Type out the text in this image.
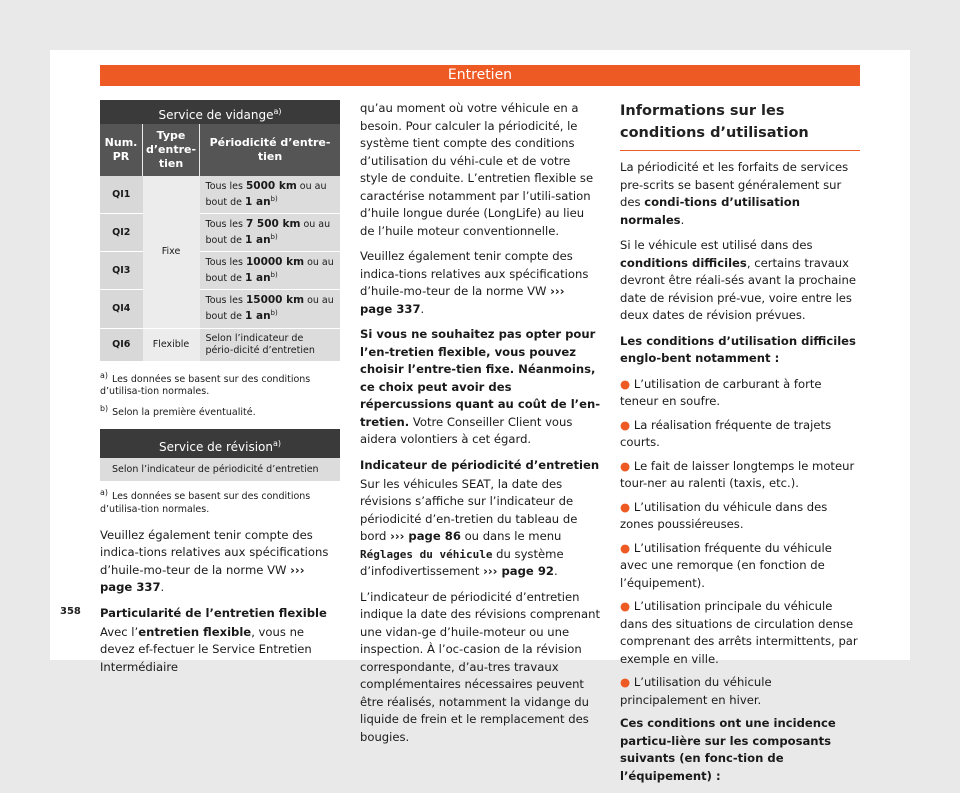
Entretien
Service de vidange$^{a)}$
Num. PR	Type d’entre-tien	Périodicité d’entre-tien
QI1	Fixe	Tous les 5000 km ou au bout de 1 $an^{b)}$
QI2		Tous les 7 500 km ou au bout de 1 $an^{b)}$
QI3		Tous les 10000 km ou au bout de 1 $an^{b)}$
QI4		Tous les 15000 km ou au bout de 1 $an^{b)}$
QI6	Flexible	Selon l’indicateur de pério-dicité d’entretien

$^{a)}$ Les données se basent sur des conditions d’utilisa-tion normales.

$^{b)}$ Selon la première éventualité.

Service de révision$^{a)}$
Selon l’indicateur de périodicité d’entretien

$^{a)}$ Les données se basent sur des conditions d’utilisa-tion normales.

Veuillez également tenir compte des indica-tions relatives aux spécifications d’huile-mo-teur de la norme VW ››› page 337.

Particularité de l’entretien flexible

Avec l’entretien flexible, vous ne devez ef-fectuer le Service Entretien Intermédiaire

qu’au moment où votre véhicule en a besoin. Pour calculer la périodicité, le système tient compte des conditions d’utilisation du véhi-cule et de votre style de conduite. L’entretien flexible se caractérise notamment par l’utili-sation d’huile longue durée (LongLife) au lieu de l’huile moteur conventionnelle.

Veuillez également tenir compte des indica-tions relatives aux spécifications d’huile-mo-teur de la norme VW ››› page 337.

Si vous ne souhaitez pas opter pour l’en-tretien flexible, vous pouvez choisir l’entre-tien fixe. Néanmoins, ce choix peut avoir des répercussions quant au coût de l’en-tretien. Votre Conseiller Client vous aidera volontiers à cet égard.

Indicateur de périodicité d’entretien

Sur les véhicules SEAT, la date des révisions s’affiche sur l’indicateur de périodicité d’en-tretien du tableau de bord ››› page 86 ou dans le menu Réglages du véhicule du système d’infodivertissement ››› page 92.

L’indicateur de périodicité d’entretien indique la date des révisions comprenant une vidan-ge d’huile-moteur ou une inspection. À l’oc-casion de la révision correspondante, d’au-tres travaux complémentaires nécessaires peuvent être réalisés, notamment la vidange du liquide de frein et le remplacement des bougies.

Informations sur les conditions d’utilisation

La périodicité et les forfaits de services pre-scrits se basent généralement sur des condi-tions d’utilisation normales.

Si le véhicule est utilisé dans des conditions difficiles, certains travaux devront être réali-sés avant la prochaine date de révision pré-vue, voire entre les deux dates de révision prévues.

Les conditions d’utilisation difficiles englo-bent notamment :

● L’utilisation de carburant à forte teneur en soufre.

● La réalisation fréquente de trajets courts.

● Le fait de laisser longtemps le moteur tour-ner au ralenti (taxis, etc.).

● L’utilisation du véhicule dans des zones poussiéreuses.

● L’utilisation fréquente du véhicule avec une remorque (en fonction de l’équipement).

● L’utilisation principale du véhicule dans des situations de circulation dense comprenant des arrêts intermittents, par exemple en ville.

● L’utilisation du véhicule principalement en hiver.

Ces conditions ont une incidence particu-lière sur les composants suivants (en fonc-tion de l’équipement) :

358
